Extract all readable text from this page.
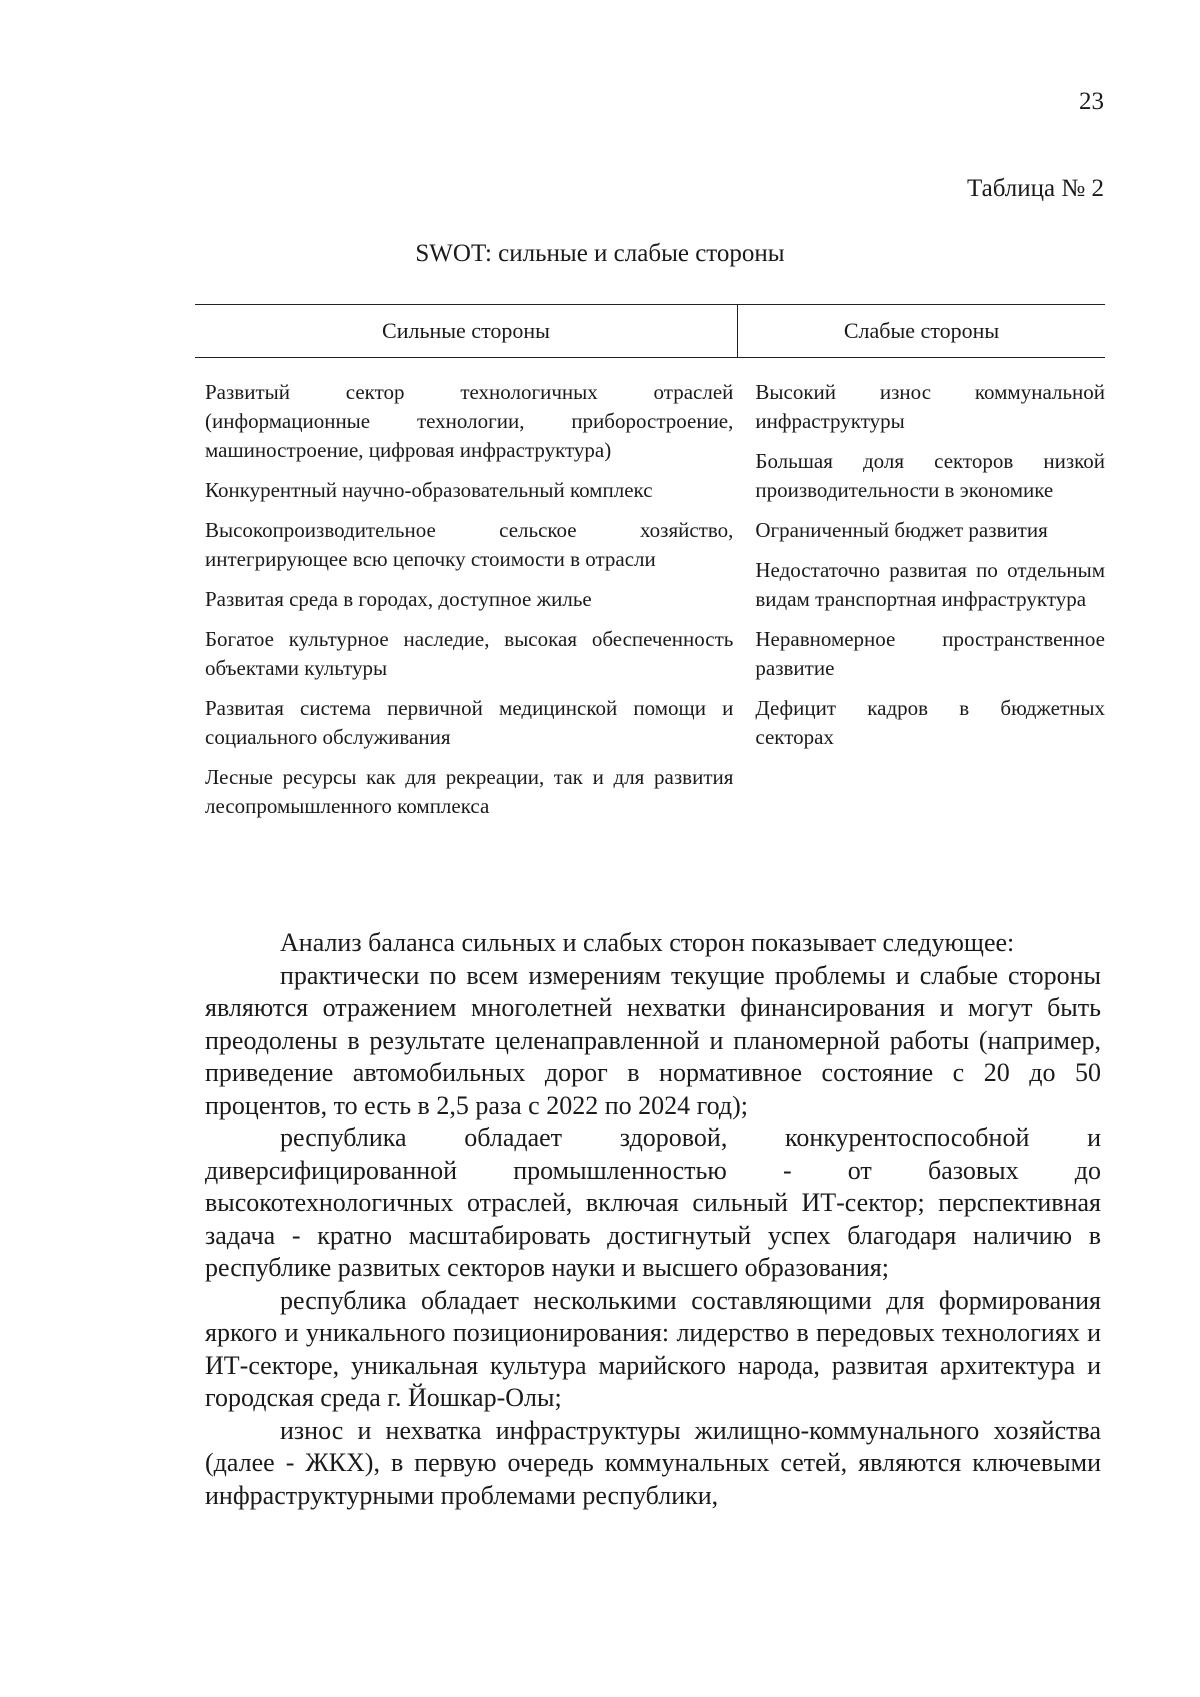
23
Таблица № 2
SWOT: сильные и слабые стороны
Сильные стороны	Слабые стороны
Развитый сектор технологичных отраслей (информационные технологии, приборостроение, машиностроение, цифровая инфраструктура)
Конкурентный научно-образовательный комплекс
Высокопроизводительное сельское хозяйство, интегрирующее всю цепочку стоимости в отрасли
Развитая среда в городах, доступное жилье
Богатое культурное наследие, высокая обеспеченность объектами культуры
Развитая система первичной медицинской помощи и социального обслуживания
Лесные ресурсы как для рекреации, так и для развития лесопромышленного комплекса
Высокий износ коммунальной инфраструктуры
Большая доля секторов низкой производительности в экономике
Ограниченный бюджет развития
Недостаточно развитая по отдельным видам транспортная инфраструктура
Неравномерное пространственное развитие
Дефицит кадров в бюджетных секторах

Анализ баланса сильных и слабых сторон показывает следующее:

практически по всем измерениям текущие проблемы и слабые стороны являются отражением многолетней нехватки финансирования и могут быть преодолены в результате целенаправленной и планомерной работы (например, приведение автомобильных дорог в нормативное состояние с 20 до 50 процентов, то есть в 2,5 раза с 2022 по 2024 год);

республика обладает здоровой, конкурентоспособной и диверсифицированной промышленностью - от базовых до высокотехнологичных отраслей, включая сильный ИТ-сектор; перспективная задача - кратно масштабировать достигнутый успех благодаря наличию в республике развитых секторов науки и высшего образования;

республика обладает несколькими составляющими для формирования яркого и уникального позиционирования: лидерство в передовых технологиях и ИТ-секторе, уникальная культура марийского народа, развитая архитектура и городская среда г. Йошкар-Олы;

износ и нехватка инфраструктуры жилищно-коммунального хозяйства (далее - ЖКХ), в первую очередь коммунальных сетей, являются ключевыми инфраструктурными проблемами республики,
